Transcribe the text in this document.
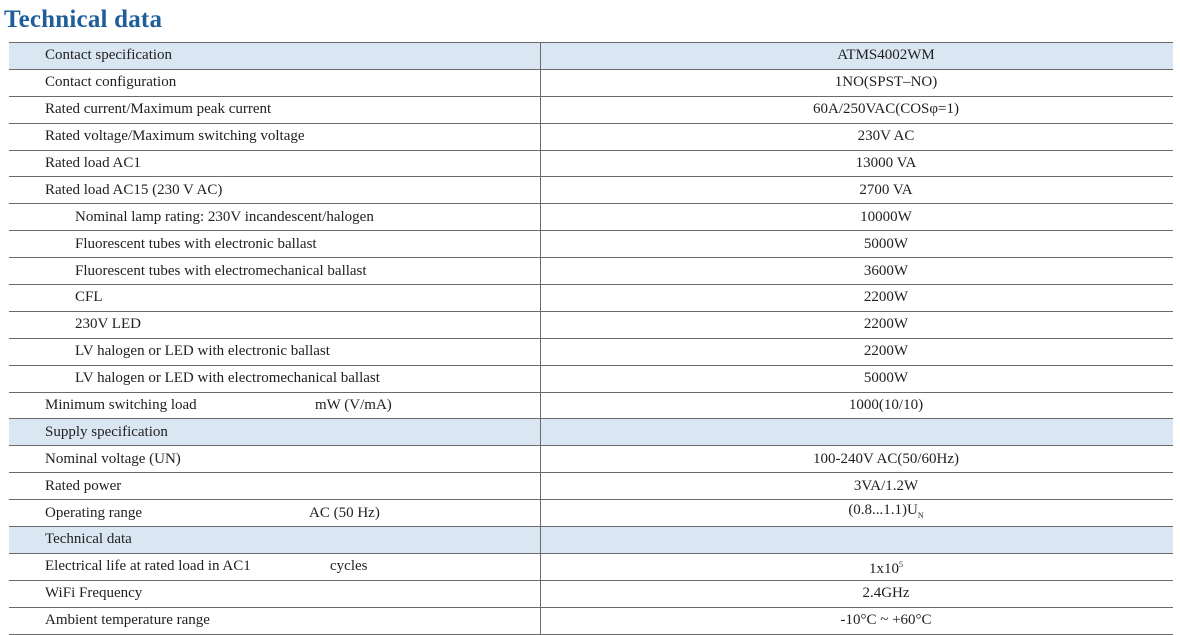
Technical data
Contact specification	ATMS4002WM
Contact configuration	1NO(SPST–NO)
Rated current/Maximum peak current	60A/250VAC(COSφ=1)
Rated voltage/Maximum switching voltage	230V AC
Rated load AC1	13000 VA
Rated load AC15 (230 V AC)	2700 VA
Nominal lamp rating: 230V incandescent/halogen	10000W
Fluorescent tubes with electronic ballast	5000W
Fluorescent tubes with electromechanical ballast	3600W
CFL	2200W
230V LED	2200W
LV halogen or LED with electronic ballast	2200W
LV halogen or LED with electromechanical ballast	5000W
Minimum switching load mW (V/mA)	1000(10/10)
Supply specification	
Nominal voltage (UN)	100-240V AC(50/60Hz)
Rated power	3VA/1.2W
Operating range AC (50 Hz)	$(0.8...1.1)U_N$
Technical data	
Electrical life at rated load in AC1 cycles	$1x10^5$
WiFi Frequency	2.4GHz
Ambient temperature range	-10°C ~ +60°C
